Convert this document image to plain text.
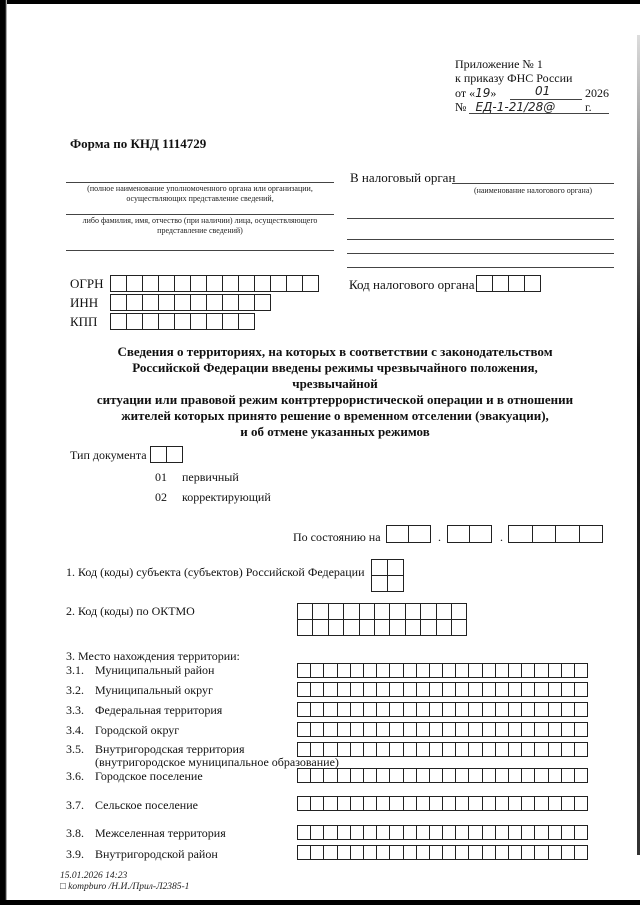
Приложение № 1
к приказу ФНС России
от «19»	01	2026 г.
№ ЕД-1-21/28@
Форма по КНД 1114729
(полное наименование уполномоченного органа или организации, осуществляющих представление сведений,
либо фамилия, имя, отчество (при наличии) лица, осуществляющего представление сведений)
В налоговый орган
(наименование налогового органа)
Код налогового органа
ОГРН
ИНН
КПП
Сведения о территориях, на которых в соответствии с законодательством
Российской Федерации введены режимы чрезвычайного положения, чрезвычайной
ситуации или правовой режим контртеррористической операции и в отношении
жителей которых принято решение о временном отселении (эвакуации),
и об отмене указанных режимов
Тип документа
01 первичный
02 корректирующий
По состоянию на	.	.
1. Код (коды) субъекта (субъектов) Российской Федерации
2. Код (коды) по ОКТМО
3. Место нахождения территории:
3.1. Муниципальный район
3.2. Муниципальный округ
3.3. Федеральная территория
3.4. Городской округ
3.5. Внутригородская территория
(внутригородское муниципальное образование)
3.6. Городское поселение
3.7. Сельское поселение
3.8. Межселенная территория
3.9. Внутригородской район
15.01.2026 14:23
□ kompburo /Н.И./Прил-Л2385-1
